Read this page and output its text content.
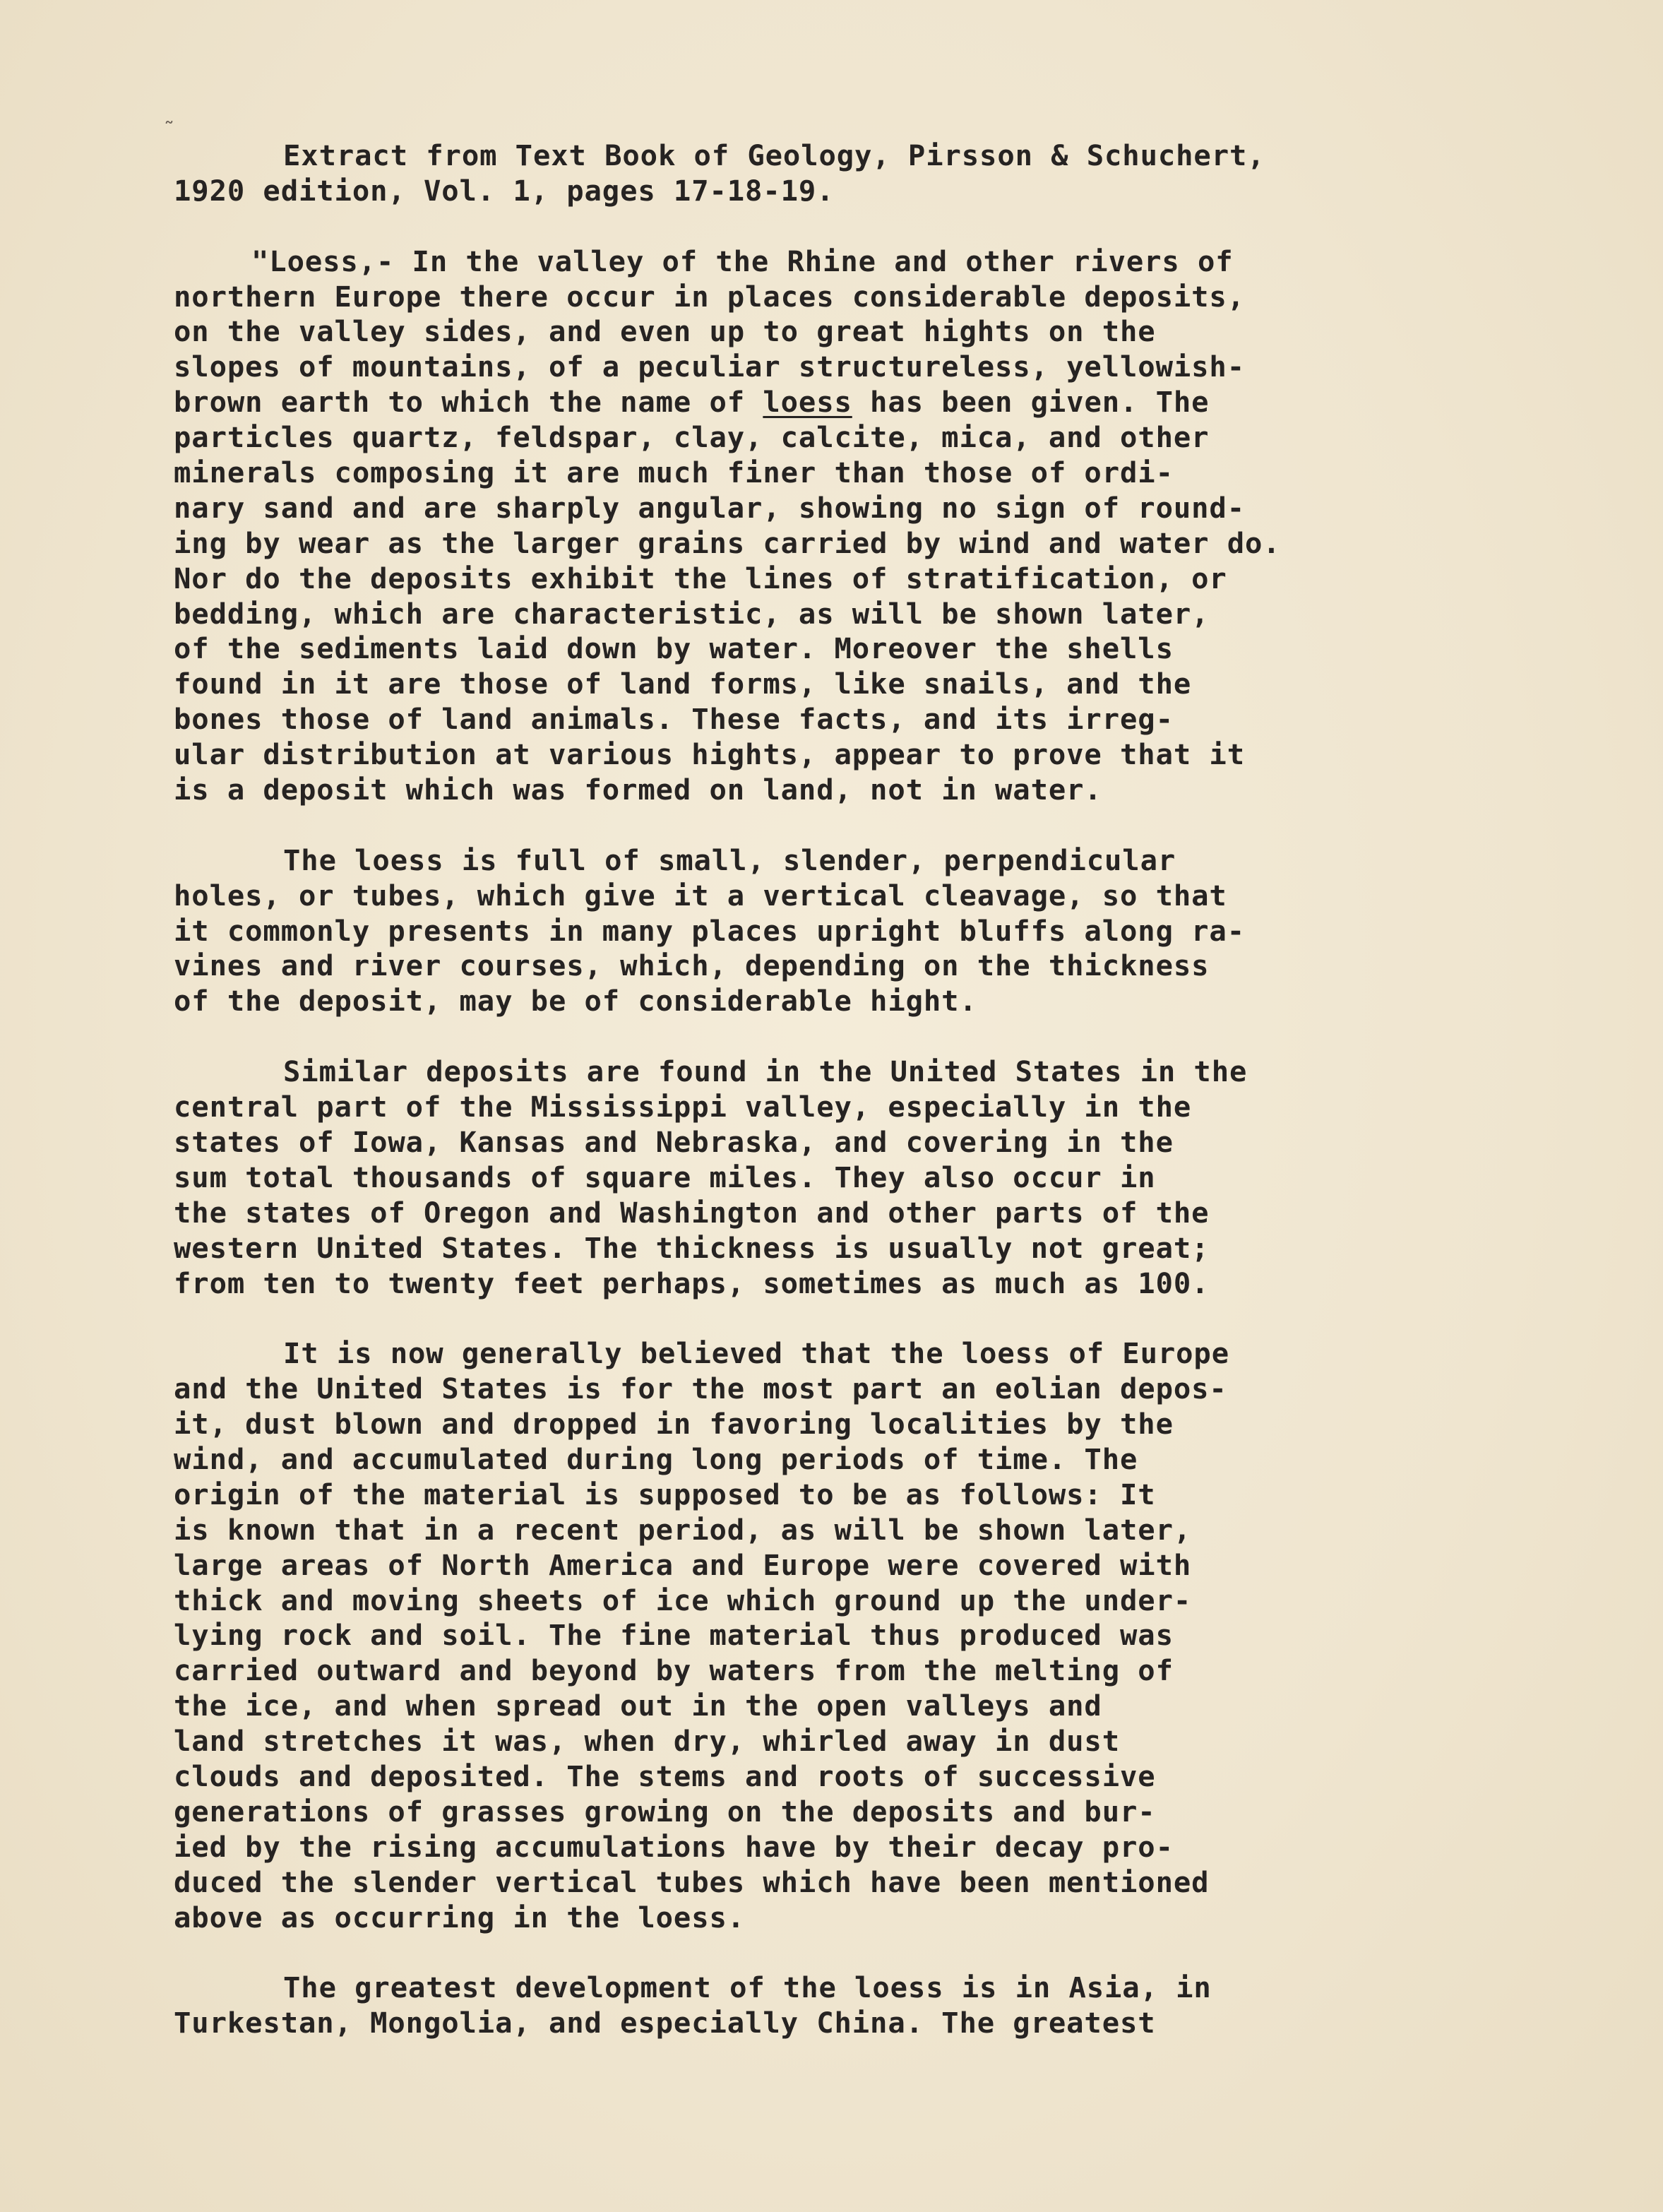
˷
Extract from Text Book of Geology, Pirsson & Schuchert,
1920 edition, Vol. 1, pages 17-18-19.
"Loess,- In the valley of the Rhine and other rivers of
northern Europe there occur in places considerable deposits,
on the valley sides, and even up to great hights on the
slopes of mountains, of a peculiar structureless, yellowish-
brown earth to which the name of loess has been given. The
particles quartz, feldspar, clay, calcite, mica, and other
minerals composing it are much finer than those of ordi-
nary sand and are sharply angular, showing no sign of round-
ing by wear as the larger grains carried by wind and water do.
Nor do the deposits exhibit the lines of stratification, or
bedding, which are characteristic, as will be shown later,
of the sediments laid down by water. Moreover the shells
found in it are those of land forms, like snails, and the
bones those of land animals. These facts, and its irreg-
ular distribution at various hights, appear to prove that it
is a deposit which was formed on land, not in water.
The loess is full of small, slender, perpendicular
holes, or tubes, which give it a vertical cleavage, so that
it commonly presents in many places upright bluffs along ra-
vines and river courses, which, depending on the thickness
of the deposit, may be of considerable hight.
Similar deposits are found in the United States in the
central part of the Mississippi valley, especially in the
states of Iowa, Kansas and Nebraska, and covering in the
sum total thousands of square miles. They also occur in
the states of Oregon and Washington and other parts of the
western United States. The thickness is usually not great;
from ten to twenty feet perhaps, sometimes as much as 100.
It is now generally believed that the loess of Europe
and the United States is for the most part an eolian depos-
it, dust blown and dropped in favoring localities by the
wind, and accumulated during long periods of time. The
origin of the material is supposed to be as follows: It
is known that in a recent period, as will be shown later,
large areas of North America and Europe were covered with
thick and moving sheets of ice which ground up the under-
lying rock and soil. The fine material thus produced was
carried outward and beyond by waters from the melting of
the ice, and when spread out in the open valleys and
land stretches it was, when dry, whirled away in dust
clouds and deposited. The stems and roots of successive
generations of grasses growing on the deposits and bur-
ied by the rising accumulations have by their decay pro-
duced the slender vertical tubes which have been mentioned
above as occurring in the loess.
The greatest development of the loess is in Asia, in
Turkestan, Mongolia, and especially China. The greatest
